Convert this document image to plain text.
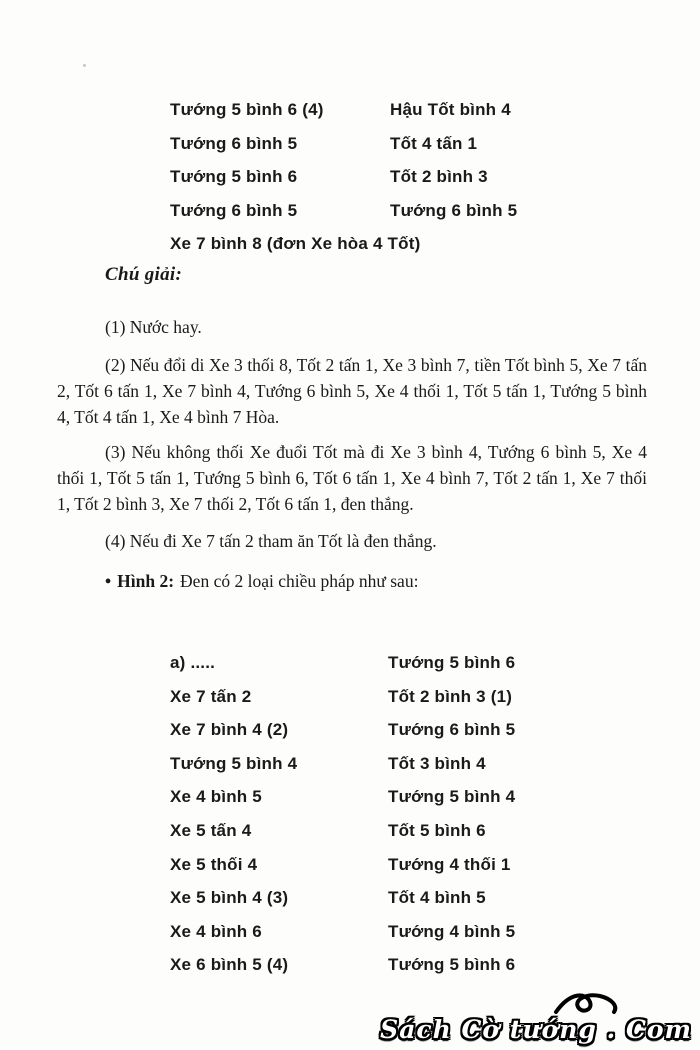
Tướng 5 bình 6 (4)	Hậu Tốt bình 4
Tướng 6 bình 5	Tốt 4 tấn 1
Tướng 5 bình 6	Tốt 2 bình 3
Tướng 6 bình 5	Tướng 6 bình 5
Xe 7 bình 8 (đơn Xe hòa 4 Tốt)

Chú giải:

(1) Nước hay.

(2) Nếu đổi di Xe 3 thối 8, Tốt 2 tấn 1, Xe 3 bình 7, tiền Tốt bình 5, Xe 7 tấn 2, Tốt 6 tấn 1, Xe 7 bình 4, Tướng 6 bình 5, Xe 4 thối 1, Tốt 5 tấn 1, Tướng 5 bình 4, Tốt 4 tấn 1, Xe 4 bình 7 Hòa.

(3) Nếu không thối Xe đuổi Tốt mà đi Xe 3 bình 4, Tướng 6 bình 5, Xe 4 thối 1, Tốt 5 tấn 1, Tướng 5 bình 6, Tốt 6 tấn 1, Xe 4 bình 7, Tốt 2 tấn 1, Xe 7 thối 1, Tốt 2 bình 3, Xe 7 thối 2, Tốt 6 tấn 1, đen thắng.

(4) Nếu đi Xe 7 tấn 2 tham ăn Tốt là đen thắng.

• Hình 2: Đen có 2 loại chiều pháp như sau:

a) .....	Tướng 5 bình 6
Xe 7 tấn 2	Tốt 2 bình 3 (1)
Xe 7 bình 4 (2)	Tướng 6 bình 5
Tướng 5 bình 4	Tốt 3 bình 4
Xe 4 bình 5	Tướng 5 bình 4
Xe 5 tấn 4	Tốt 5 bình 6
Xe 5 thối 4	Tướng 4 thối 1
Xe 5 bình 4 (3)	Tốt 4 bình 5
Xe 4 bình 6	Tướng 4 bình 5
Xe 6 bình 5 (4)	Tướng 5 bình 6
Sách Cờ tướng . Com
